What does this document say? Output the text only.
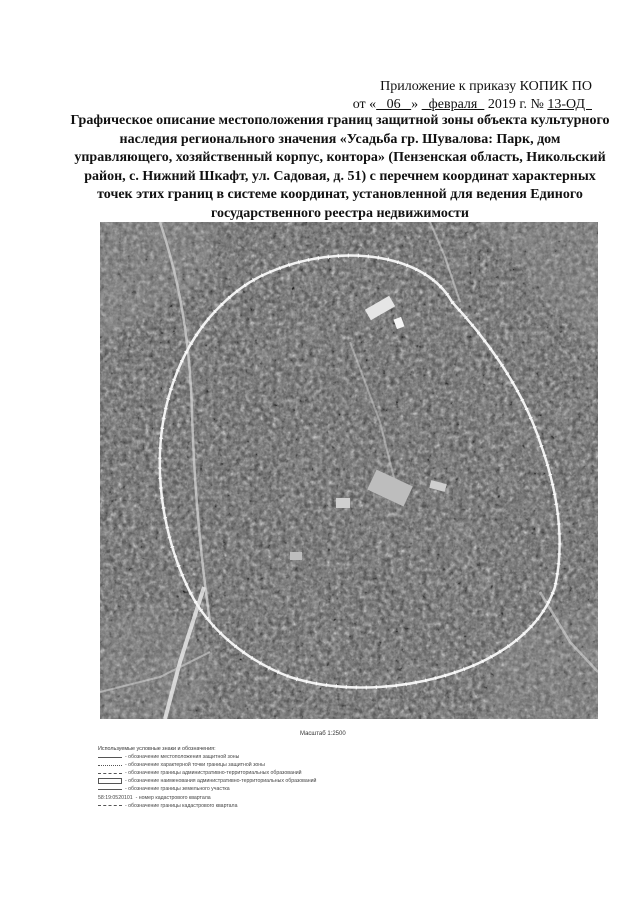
Приложение к приказу КОПИК ПО
от «   06   »   февраля   2019 г. № 13-ОД
Графическое описание местоположения границ защитной зоны объекта культурного наследия регионального значения «Усадьба гр. Шувалова: Парк, дом управляющего, хозяйственный корпус, контора» (Пензенская область, Никольский район, с. Нижний Шкафт, ул. Садовая, д. 51) с перечнем координат характерных точек этих границ в системе координат, установленной для ведения Единого государственного реестра недвижимости
Масштаб 1:2500
Используемые условные знаки и обозначения:
- обозначение местоположения защитной зоны
- обозначение характерной точки границы защитной зоны
- обозначение границы административно-территориальных образований
- обозначение наименования административно-территориальных образований
- обозначение границы земельного участка
58:19:0520101 - номер кадастрового квартала
- обозначение границы кадастрового квартала
